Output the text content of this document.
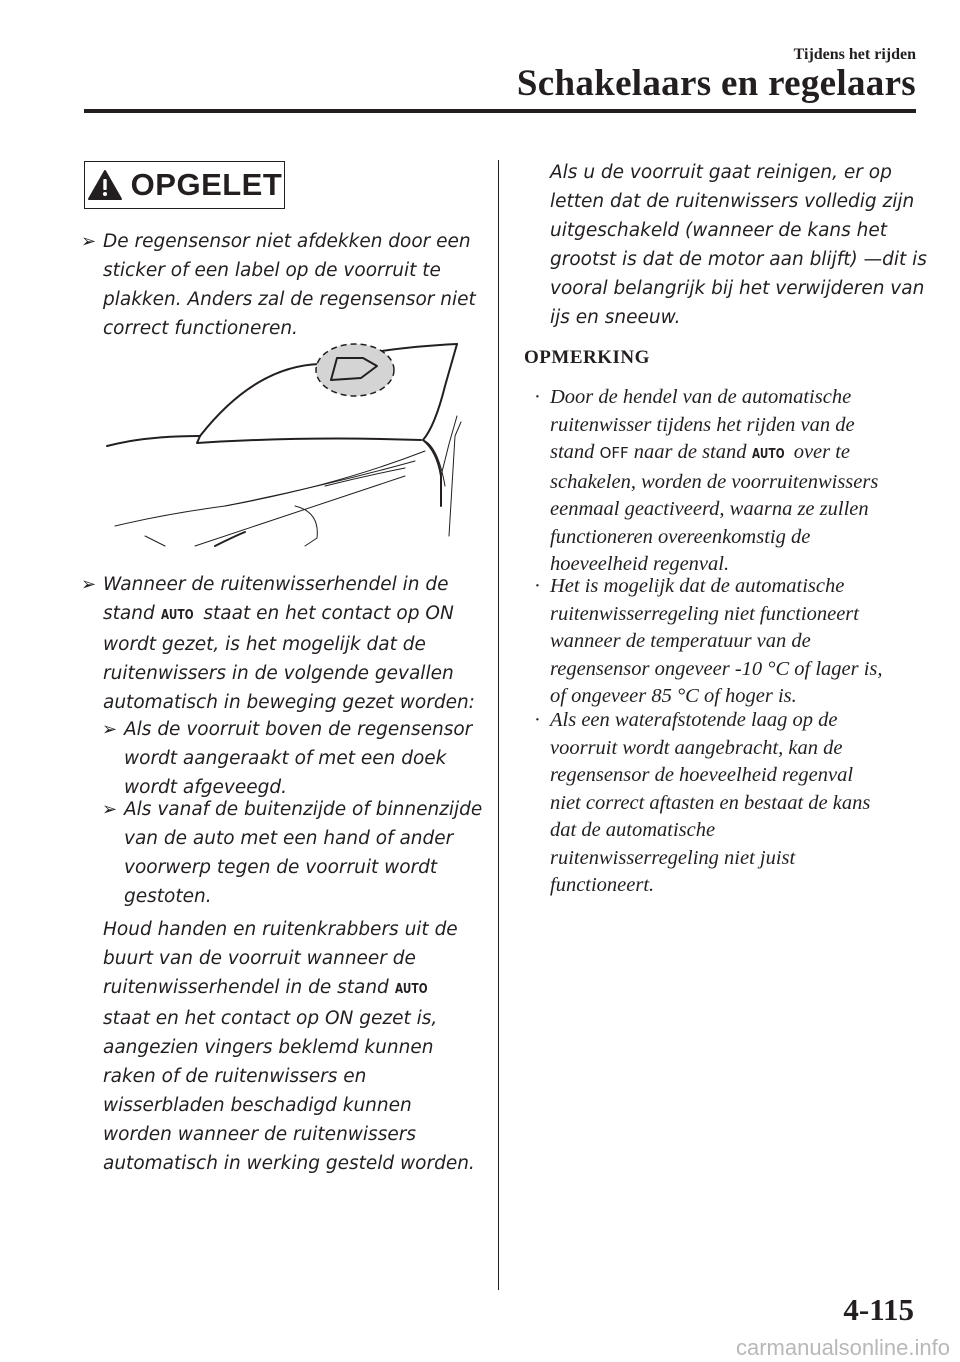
Tijdens het rijden
Schakelaars en regelaars
OPGELET
➢ De regensensor niet afdekken door een
sticker of een label op de voorruit te
plakken. Anders zal de regensensor niet
correct functioneren.
➢ Wanneer de ruitenwisserhendel in de
stand AUTO staat en het contact op ON
wordt gezet, is het mogelijk dat de
ruitenwissers in de volgende gevallen
automatisch in beweging gezet worden:
➢ Als de voorruit boven de regensensor
wordt aangeraakt of met een doek
wordt afgeveegd.
➢ Als vanaf de buitenzijde of binnenzijde
van de auto met een hand of ander
voorwerp tegen de voorruit wordt
gestoten.
Houd handen en ruitenkrabbers uit de
buurt van de voorruit wanneer de
ruitenwisserhendel in de stand AUTO
staat en het contact op ON gezet is,
aangezien vingers beklemd kunnen
raken of de ruitenwissers en
wisserbladen beschadigd kunnen
worden wanneer de ruitenwissers
automatisch in werking gesteld worden.
Als u de voorruit gaat reinigen, er op
letten dat de ruitenwissers volledig zijn
uitgeschakeld (wanneer de kans het
grootst is dat de motor aan blijft) —dit is
vooral belangrijk bij het verwijderen van
ijs en sneeuw.
OPMERKING
· Door de hendel van de automatische
ruitenwisser tijdens het rijden van de
stand OFF naar de stand AUTO over te
schakelen, worden de voorruitenwissers
eenmaal geactiveerd, waarna ze zullen
functioneren overeenkomstig de
hoeveelheid regenval.
· Het is mogelijk dat de automatische
ruitenwisserregeling niet functioneert
wanneer de temperatuur van de
regensensor ongeveer -10 °C of lager is,
of ongeveer 85 °C of hoger is.
· Als een waterafstotende laag op de
voorruit wordt aangebracht, kan de
regensensor de hoeveelheid regenval
niet correct aftasten en bestaat de kans
dat de automatische
ruitenwisserregeling niet juist
functioneert.
4-115
carmanualsonline.info
